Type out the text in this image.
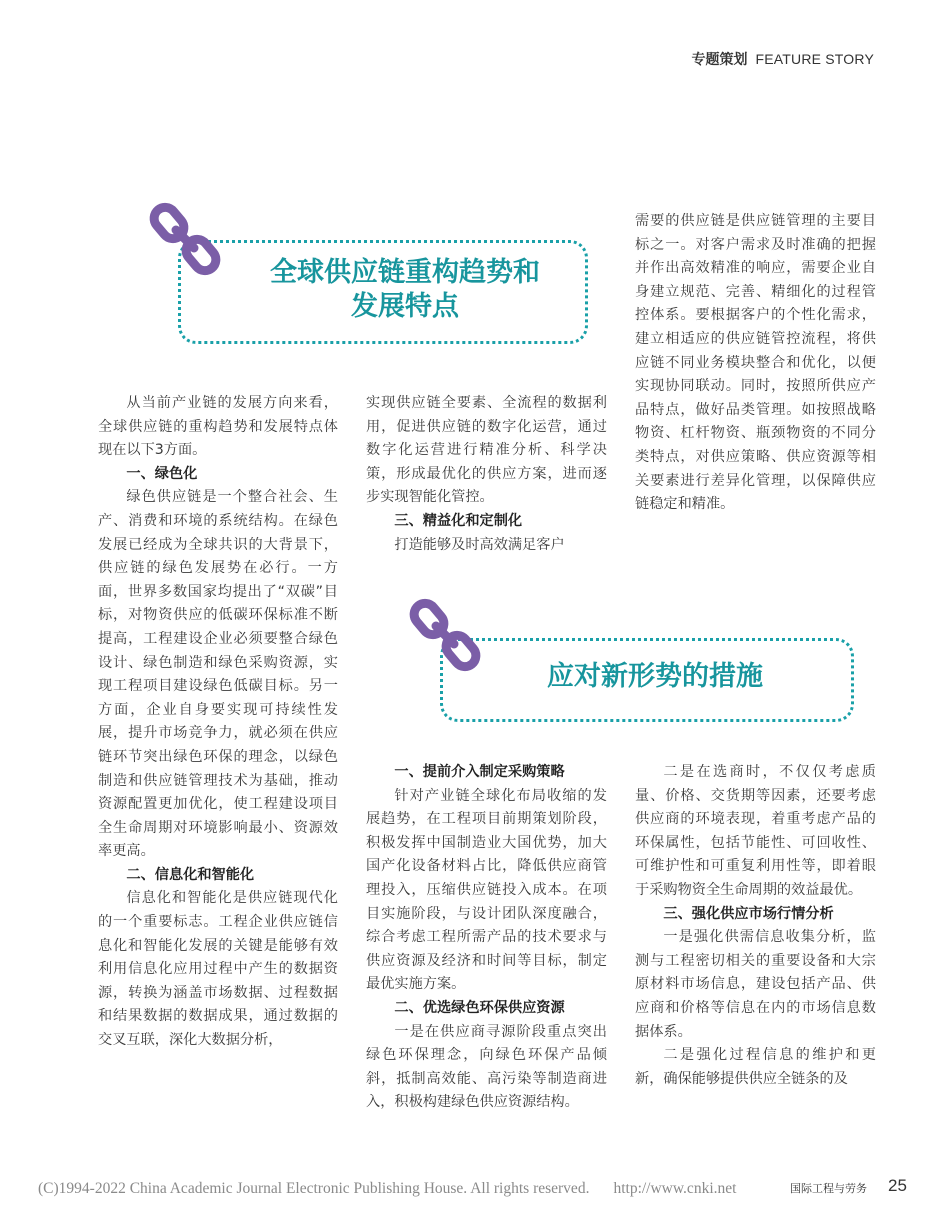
专题策划 FEATURE STORY
全球供应链重构趋势和
发展特点

从当前产业链的发展方向来看，全球供应链的重构趋势和发展特点体现在以下3方面。

一、绿色化

绿色供应链是一个整合社会、生产、消费和环境的系统结构。在绿色发展已经成为全球共识的大背景下，供应链的绿色发展势在必行。一方面，世界多数国家均提出了“双碳”目标，对物资供应的低碳环保标准不断提高，工程建设企业必须要整合绿色设计、绿色制造和绿色采购资源，实现工程项目建设绿色低碳目标。另一方面，企业自身要实现可持续性发展，提升市场竞争力，就必须在供应链环节突出绿色环保的理念，以绿色制造和供应链管理技术为基础，推动资源配置更加优化，使工程建设项目全生命周期对环境影响最小、资源效率更高。

二、信息化和智能化

信息化和智能化是供应链现代化的一个重要标志。工程企业供应链信息化和智能化发展的关键是能够有效利用信息化应用过程中产生的数据资源，转换为涵盖市场数据、过程数据和结果数据的数据成果，通过数据的交叉互联，深化大数据分析，

实现供应链全要素、全流程的数据利用，促进供应链的数字化运营，通过数字化运营进行精准分析、科学决策，形成最优化的供应方案，进而逐步实现智能化管控。

三、精益化和定制化

打造能够及时高效满足客户

需要的供应链是供应链管理的主要目标之一。对客户需求及时准确的把握并作出高效精准的响应，需要企业自身建立规范、完善、精细化的过程管控体系。要根据客户的个性化需求，建立相适应的供应链管控流程，将供应链不同业务模块整合和优化，以便实现协同联动。同时，按照所供应产品特点，做好品类管理。如按照战略物资、杠杆物资、瓶颈物资的不同分类特点，对供应策略、供应资源等相关要素进行差异化管理，以保障供应链稳定和精准。

应对新形势的措施

一、提前介入制定采购策略

针对产业链全球化布局收缩的发展趋势，在工程项目前期策划阶段，积极发挥中国制造业大国优势，加大国产化设备材料占比，降低供应商管理投入，压缩供应链投入成本。在项目实施阶段，与设计团队深度融合，综合考虑工程所需产品的技术要求与供应资源及经济和时间等目标，制定最优实施方案。

二、优选绿色环保供应资源

一是在供应商寻源阶段重点突出绿色环保理念，向绿色环保产品倾斜，抵制高效能、高污染等制造商进入，积极构建绿色供应资源结构。

二是在选商时，不仅仅考虑质量、价格、交货期等因素，还要考虑供应商的环境表现，着重考虑产品的环保属性，包括节能性、可回收性、可维护性和可重复利用性等，即着眼于采购物资全生命周期的效益最优。

三、强化供应市场行情分析

一是强化供需信息收集分析，监测与工程密切相关的重要设备和大宗原材料市场信息，建设包括产品、供应商和价格等信息在内的市场信息数据体系。

二是强化过程信息的维护和更新，确保能够提供供应全链条的及

(C)1994-2022 China Academic Journal Electronic Publishing House. All rights reserved. http://www.cnki.net	国际工程与劳务 25
